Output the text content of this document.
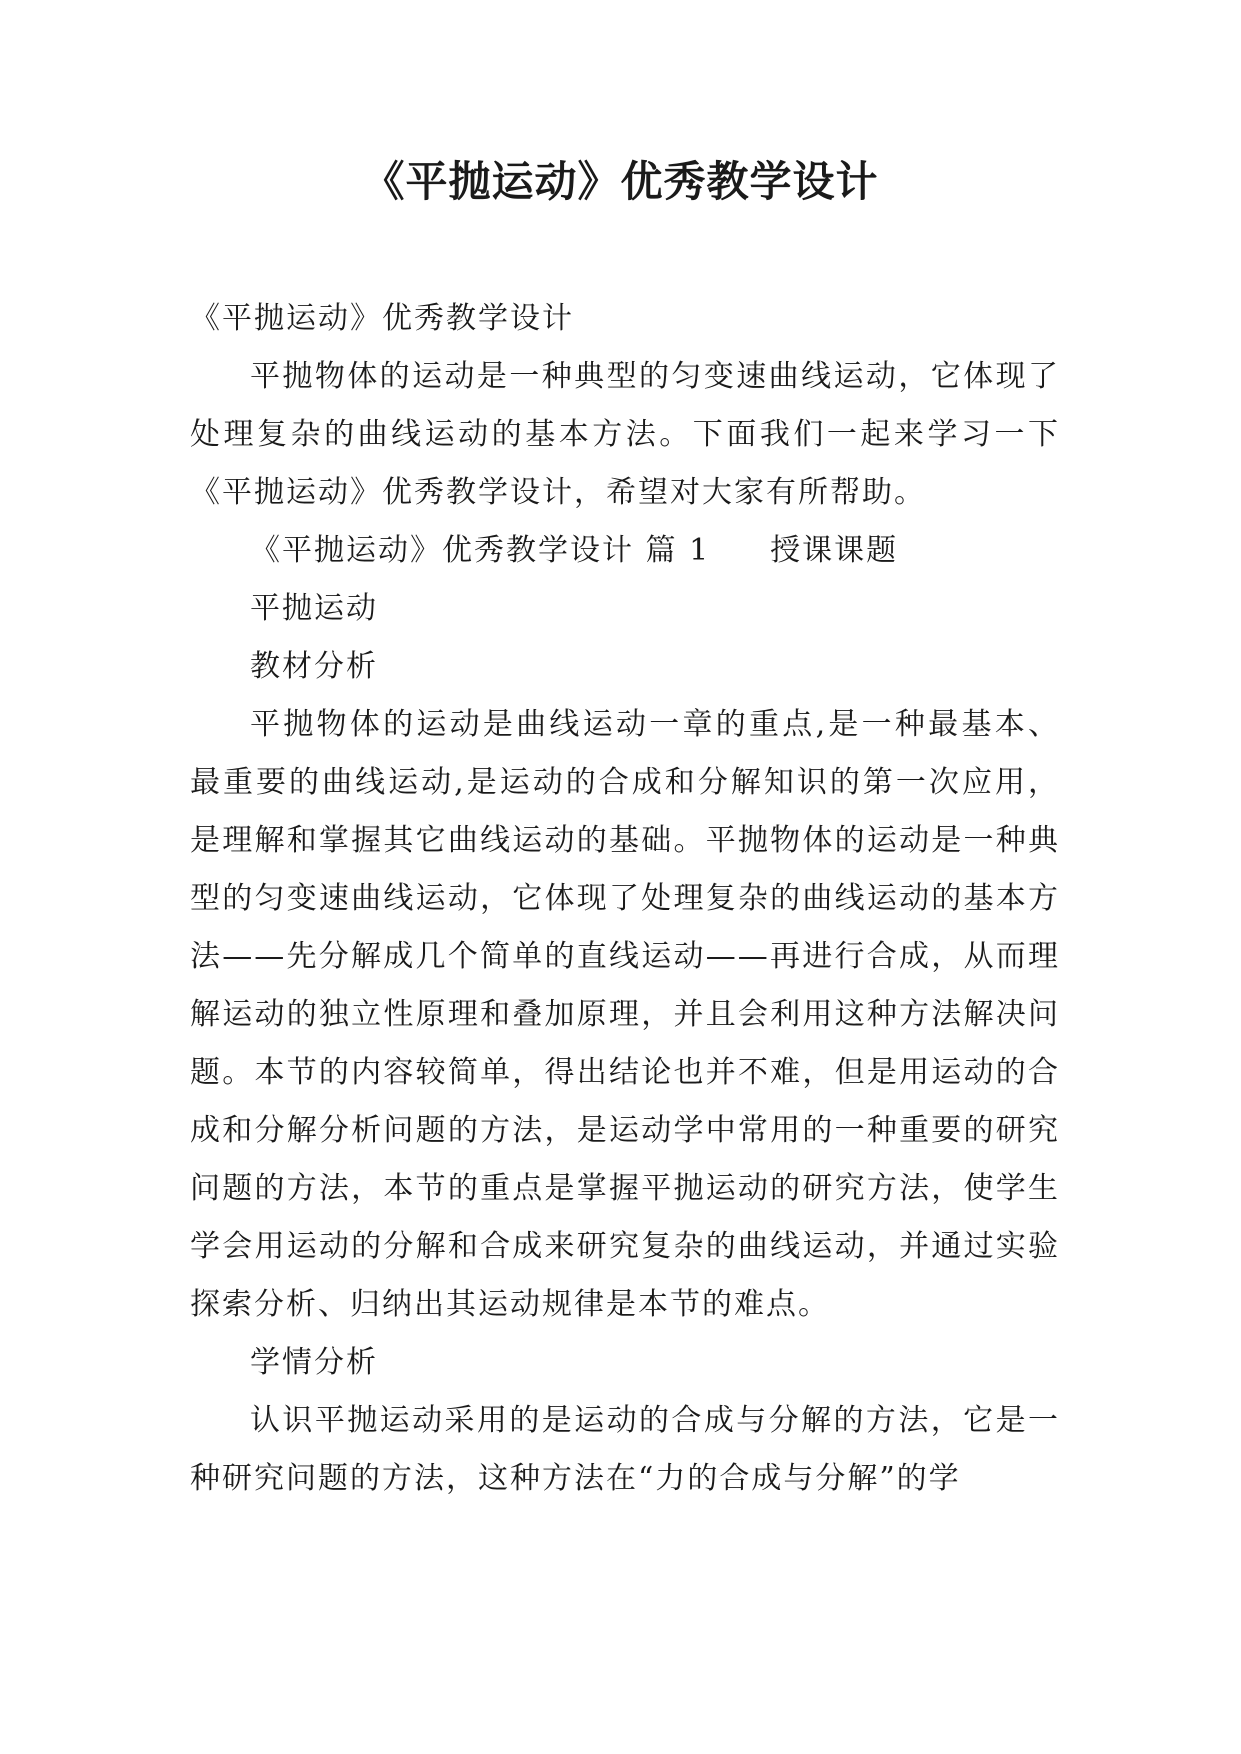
《平抛运动》优秀教学设计

《平抛运动》优秀教学设计

平抛物体的运动是一种典型的匀变速曲线运动，它体现了处理复杂的曲线运动的基本方法。下面我们一起来学习一下《平抛运动》优秀教学设计，希望对大家有所帮助。

《平抛运动》优秀教学设计 篇 1 授课课题

平抛运动

教材分析

平抛物体的运动是曲线运动一章的重点,是一种最基本、最重要的曲线运动,是运动的合成和分解知识的第一次应用，是理解和掌握其它曲线运动的基础。平抛物体的运动是一种典型的匀变速曲线运动，它体现了处理复杂的曲线运动的基本方法——先分解成几个简单的直线运动——再进行合成，从而理解运动的独立性原理和叠加原理，并且会利用这种方法解决问题。本节的内容较简单，得出结论也并不难，但是用运动的合成和分解分析问题的方法，是运动学中常用的一种重要的研究问题的方法，本节的重点是掌握平抛运动的研究方法，使学生学会用运动的分解和合成来研究复杂的曲线运动，并通过实验探索分析、归纳出其运动规律是本节的难点。

学情分析

认识平抛运动采用的是运动的合成与分解的方法，它是一种研究问题的方法，这种方法在“力的合成与分解”的学
